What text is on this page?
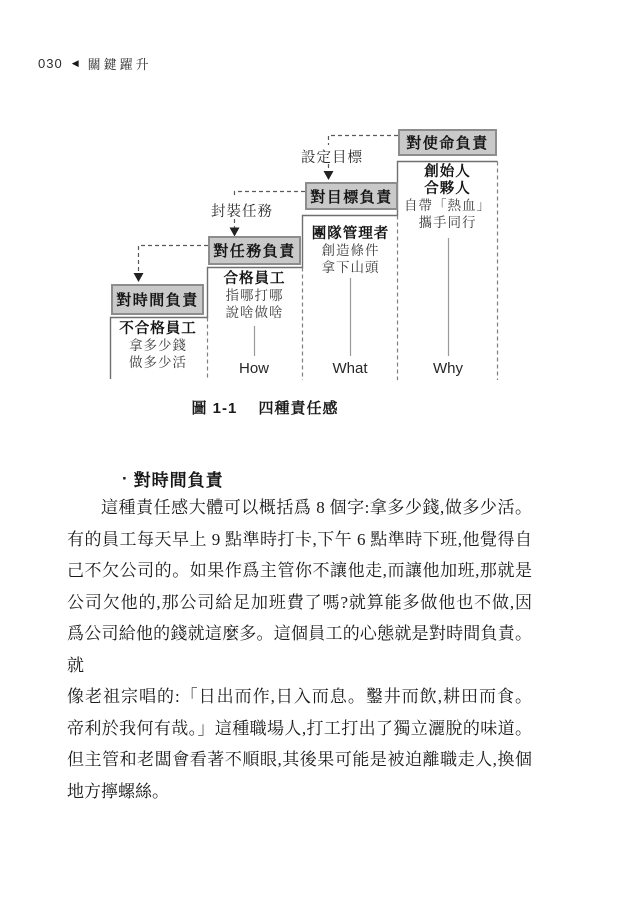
030 ◀ 關鍵躍升
封裝任務
設定目標
對時間負責
對任務負責
對目標負責
對使命負責
不合格員工
拿多少錢
做多少活
合格員工
指哪打哪
說啥做啥
團隊管理者
創造條件
拿下山頭
創始人
合夥人
自帶「熱血」
攜手同行
How	What	Why
圖 1-1 四種責任感
· 對時間負責
這種責任感大體可以概括爲 8 個字:拿多少錢,做多少活。
有的員工每天早上 9 點準時打卡,下午 6 點準時下班,他覺得自
己不欠公司的。如果作爲主管你不讓他走,而讓他加班,那就是
公司欠他的,那公司給足加班費了嗎?就算能多做他也不做,因
爲公司給他的錢就這麼多。這個員工的心態就是對時間負責。就
像老祖宗唱的:「日出而作,日入而息。鑿井而飲,耕田而食。
帝利於我何有哉。」這種職場人,打工打出了獨立灑脫的味道。
但主管和老闆會看著不順眼,其後果可能是被迫離職走人,換個
地方擰螺絲。
